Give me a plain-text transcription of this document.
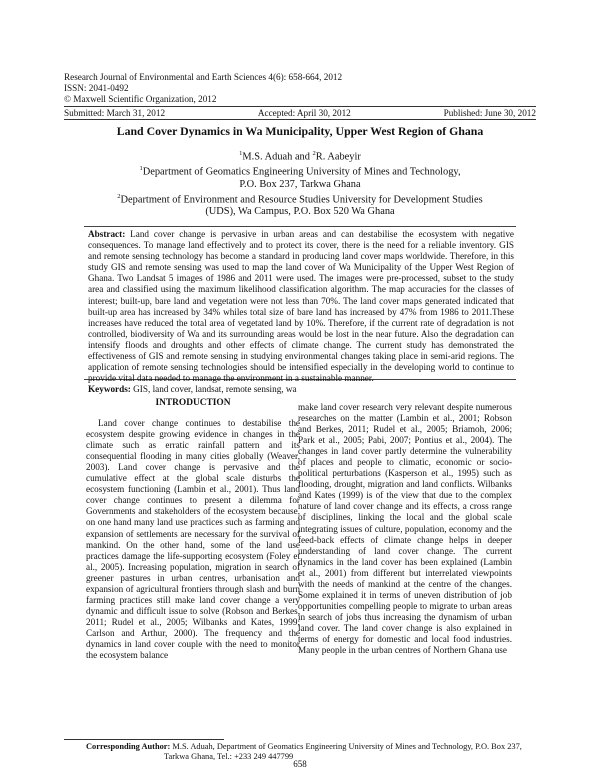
Research Journal of Environmental and Earth Sciences 4(6): 658-664, 2012
ISSN: 2041-0492
© Maxwell Scientific Organization, 2012
Submitted: March 31, 2012	Accepted: April 30, 2012	Published: June 30, 2012
Land Cover Dynamics in Wa Municipality, Upper West Region of Ghana
$^1$M.S. Aduah and $^2$R. Aabeyir
$^1$Department of Geomatics Engineering University of Mines and Technology,
P.O. Box 237, Tarkwa Ghana
$^2$Department of Environment and Resource Studies University for Development Studies
(UDS), Wa Campus, P.O. Box 520 Wa Ghana

Abstract: Land cover change is pervasive in urban areas and can destabilise the ecosystem with negative consequences. To manage land effectively and to protect its cover, there is the need for a reliable inventory. GIS and remote sensing technology has become a standard in producing land cover maps worldwide. Therefore, in this study GIS and remote sensing was used to map the land cover of Wa Municipality of the Upper West Region of Ghana. Two Landsat 5 images of 1986 and 2011 were used. The images were pre-processed, subset to the study area and classified using the maximum likelihood classification algorithm. The map accuracies for the classes of interest; built-up, bare land and vegetation were not less than 70%. The land cover maps generated indicated that built-up area has increased by 34% whiles total size of bare land has increased by 47% from 1986 to 2011.These increases have reduced the total area of vegetated land by 10%. Therefore, if the current rate of degradation is not controlled, biodiversity of Wa and its surrounding areas would be lost in the near future. Also the degradation can intensify floods and droughts and other effects of climate change. The current study has demonstrated the effectiveness of GIS and remote sensing in studying environmental changes taking place in semi-arid regions. The application of remote sensing technologies should be intensified especially in the developing world to continue to provide vital data needed to manage the environment in a sustainable manner.

Keywords: GIS, land cover, landsat, remote sensing, wa
INTRODUCTION

Land cover change continues to destabilise the ecosystem despite growing evidence in changes in the climate such as erratic rainfall pattern and its consequential flooding in many cities globally (Weaver, 2003). Land cover change is pervasive and the cumulative effect at the global scale disturbs the ecosystem functioning (Lambin et al., 2001). Thus land cover change continues to present a dilemma for Governments and stakeholders of the ecosystem because, on one hand many land use practices such as farming and expansion of settlements are necessary for the survival of mankind. On the other hand, some of the land use practices damage the life-supporting ecosystem (Foley et al., 2005). Increasing population, migration in search of greener pastures in urban centres, urbanisation and expansion of agricultural frontiers through slash and burn farming practices still make land cover change a very dynamic and difficult issue to solve (Robson and Berkes, 2011; Rudel et al., 2005; Wilbanks and Kates, 1999; Carlson and Arthur, 2000). The frequency and the dynamics in land cover couple with the need to monitor the ecosystem balance

make land cover research very relevant despite numerous researches on the matter (Lambin et al., 2001; Robson and Berkes, 2011; Rudel et al., 2005; Briamoh, 2006; Park et al., 2005; Pabi, 2007; Pontius et al., 2004). The changes in land cover partly determine the vulnerability of places and people to climatic, economic or socio-political perturbations (Kasperson et al., 1995) such as flooding, drought, migration and land conflicts. Wilbanks and Kates (1999) is of the view that due to the complex nature of land cover change and its effects, a cross range of disciplines, linking the local and the global scale integrating issues of culture, population, economy and the feed-back effects of climate change helps in deeper understanding of land cover change. The current dynamics in the land cover has been explained (Lambin et al., 2001) from different but interrelated viewpoints with the needs of mankind at the centre of the changes. Some explained it in terms of uneven distribution of job opportunities compelling people to migrate to urban areas in search of jobs thus increasing the dynamism of urban land cover. The land cover change is also explained in terms of energy for domestic and local food industries. Many people in the urban centres of Northern Ghana use

Corresponding Author: M.S. Aduah, Department of Geomatics Engineering University of Mines and Technology, P.O. Box 237,
Tarkwa Ghana, Tel.: +233 249 447799
658
